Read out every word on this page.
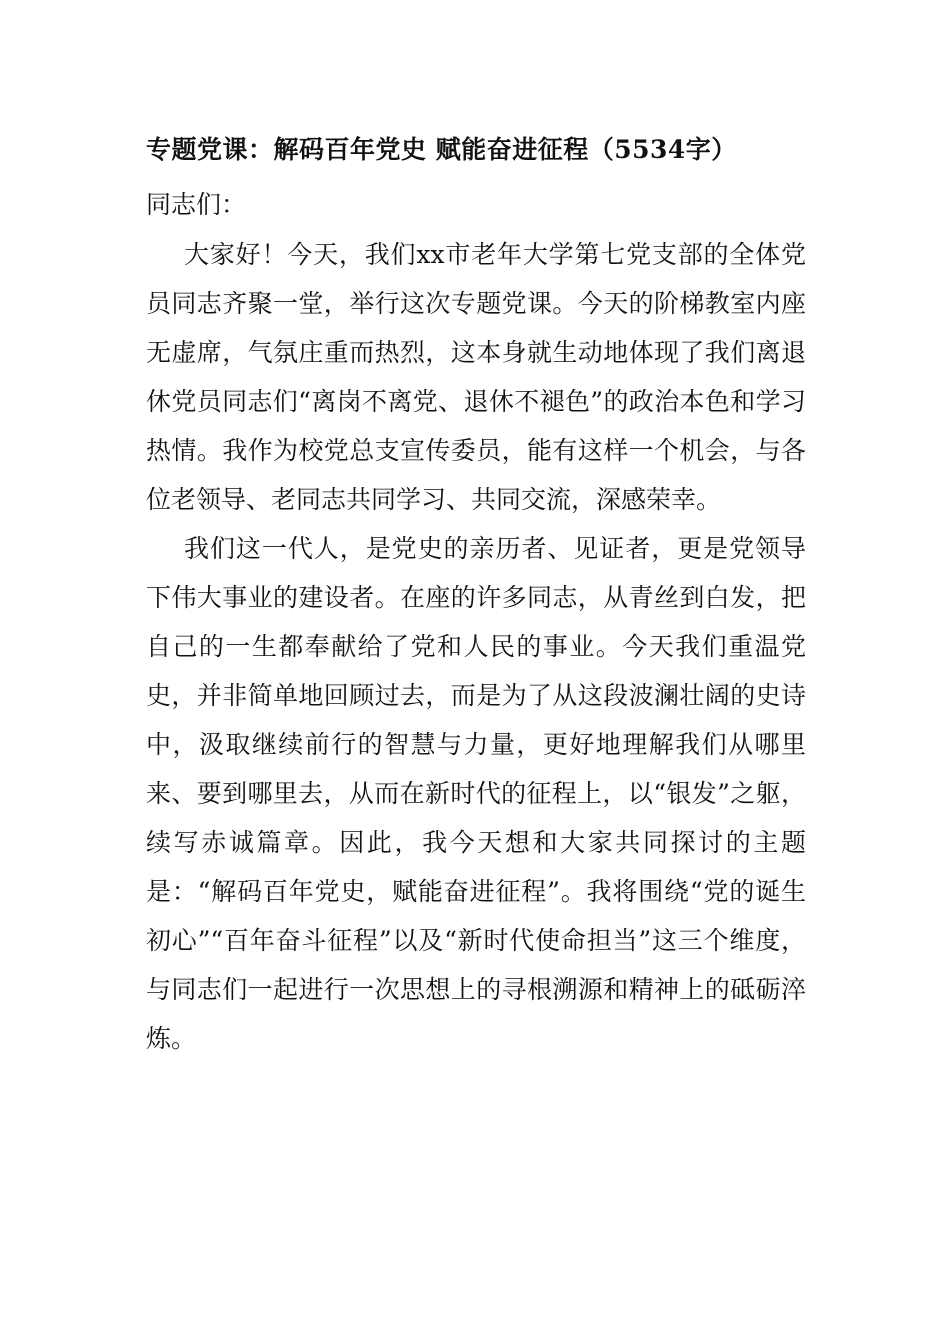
专题党课：解码百年党史 赋能奋进征程（5534字）

同志们：

大家好！今天，我们xx市老年大学第七党支部的全体党员同志齐聚一堂，举行这次专题党课。今天的阶梯教室内座无虚席，气氛庄重而热烈，这本身就生动地体现了我们离退休党员同志们“离岗不离党、退休不褪色”的政治本色和学习热情。我作为校党总支宣传委员，能有这样一个机会，与各位老领导、老同志共同学习、共同交流，深感荣幸。

我们这一代人，是党史的亲历者、见证者，更是党领导下伟大事业的建设者。在座的许多同志，从青丝到白发，把自己的一生都奉献给了党和人民的事业。今天我们重温党史，并非简单地回顾过去，而是为了从这段波澜壮阔的史诗中，汲取继续前行的智慧与力量，更好地理解我们从哪里来、要到哪里去，从而在新时代的征程上，以“银发”之躯，续写赤诚篇章。因此，我今天想和大家共同探讨的主题是：“解码百年党史，赋能奋进征程”。我将围绕“党的诞生初心”“百年奋斗征程”以及“新时代使命担当”这三个维度，与同志们一起进行一次思想上的寻根溯源和精神上的砥砺淬炼。
